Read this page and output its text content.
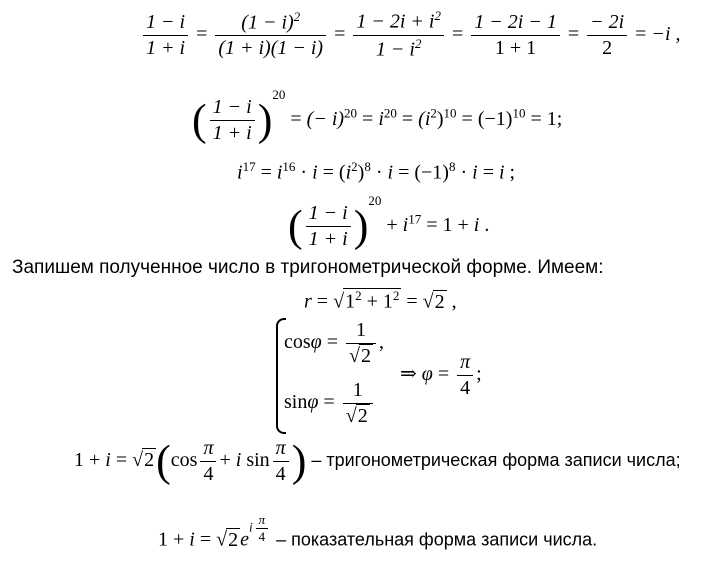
$\frac{1 - i}{1 + i} = \frac{(1 - i)^2}{(1 + i)(1 - i)} = \frac{1 - 2i + i^2}{1 - i^2} = \frac{1 - 2i - 1}{1 + 1} = \frac{- 2i}{2} = -i$ ,
( $\frac{1 - i}{1 + i} )^{20}$ = (− $i)^{20} = i^{20} = (i^2)^{10} = (-1)^{10} = 1$;
$i^{17} = i^{16} \cdot i = (i^2)^8 \cdot i = (-1)^8 \cdot i = i$ ;
( $\frac{1 - i}{1 + i} )^{20} + i^{17} = 1 + i$ .
Запишем полученное число в тригонометрической форме. Имеем:
$r = √1^2 + 1^2 = √2$ ,
$\cos\varphi = \frac{1}{√2}$ ,
$\sin\varphi = \frac{1}{√2}$
⇒ $\varphi = \frac{\pi}{4}$ ;
$1 + i = √2(\cos \frac{\pi}{4} + i$ $\sin \frac{\pi}{4}$ ) – тригонометрическая форма записи числа;
1 + i = √2 ei $\frac{\pi}{4}$ – показательная форма записи числа.
